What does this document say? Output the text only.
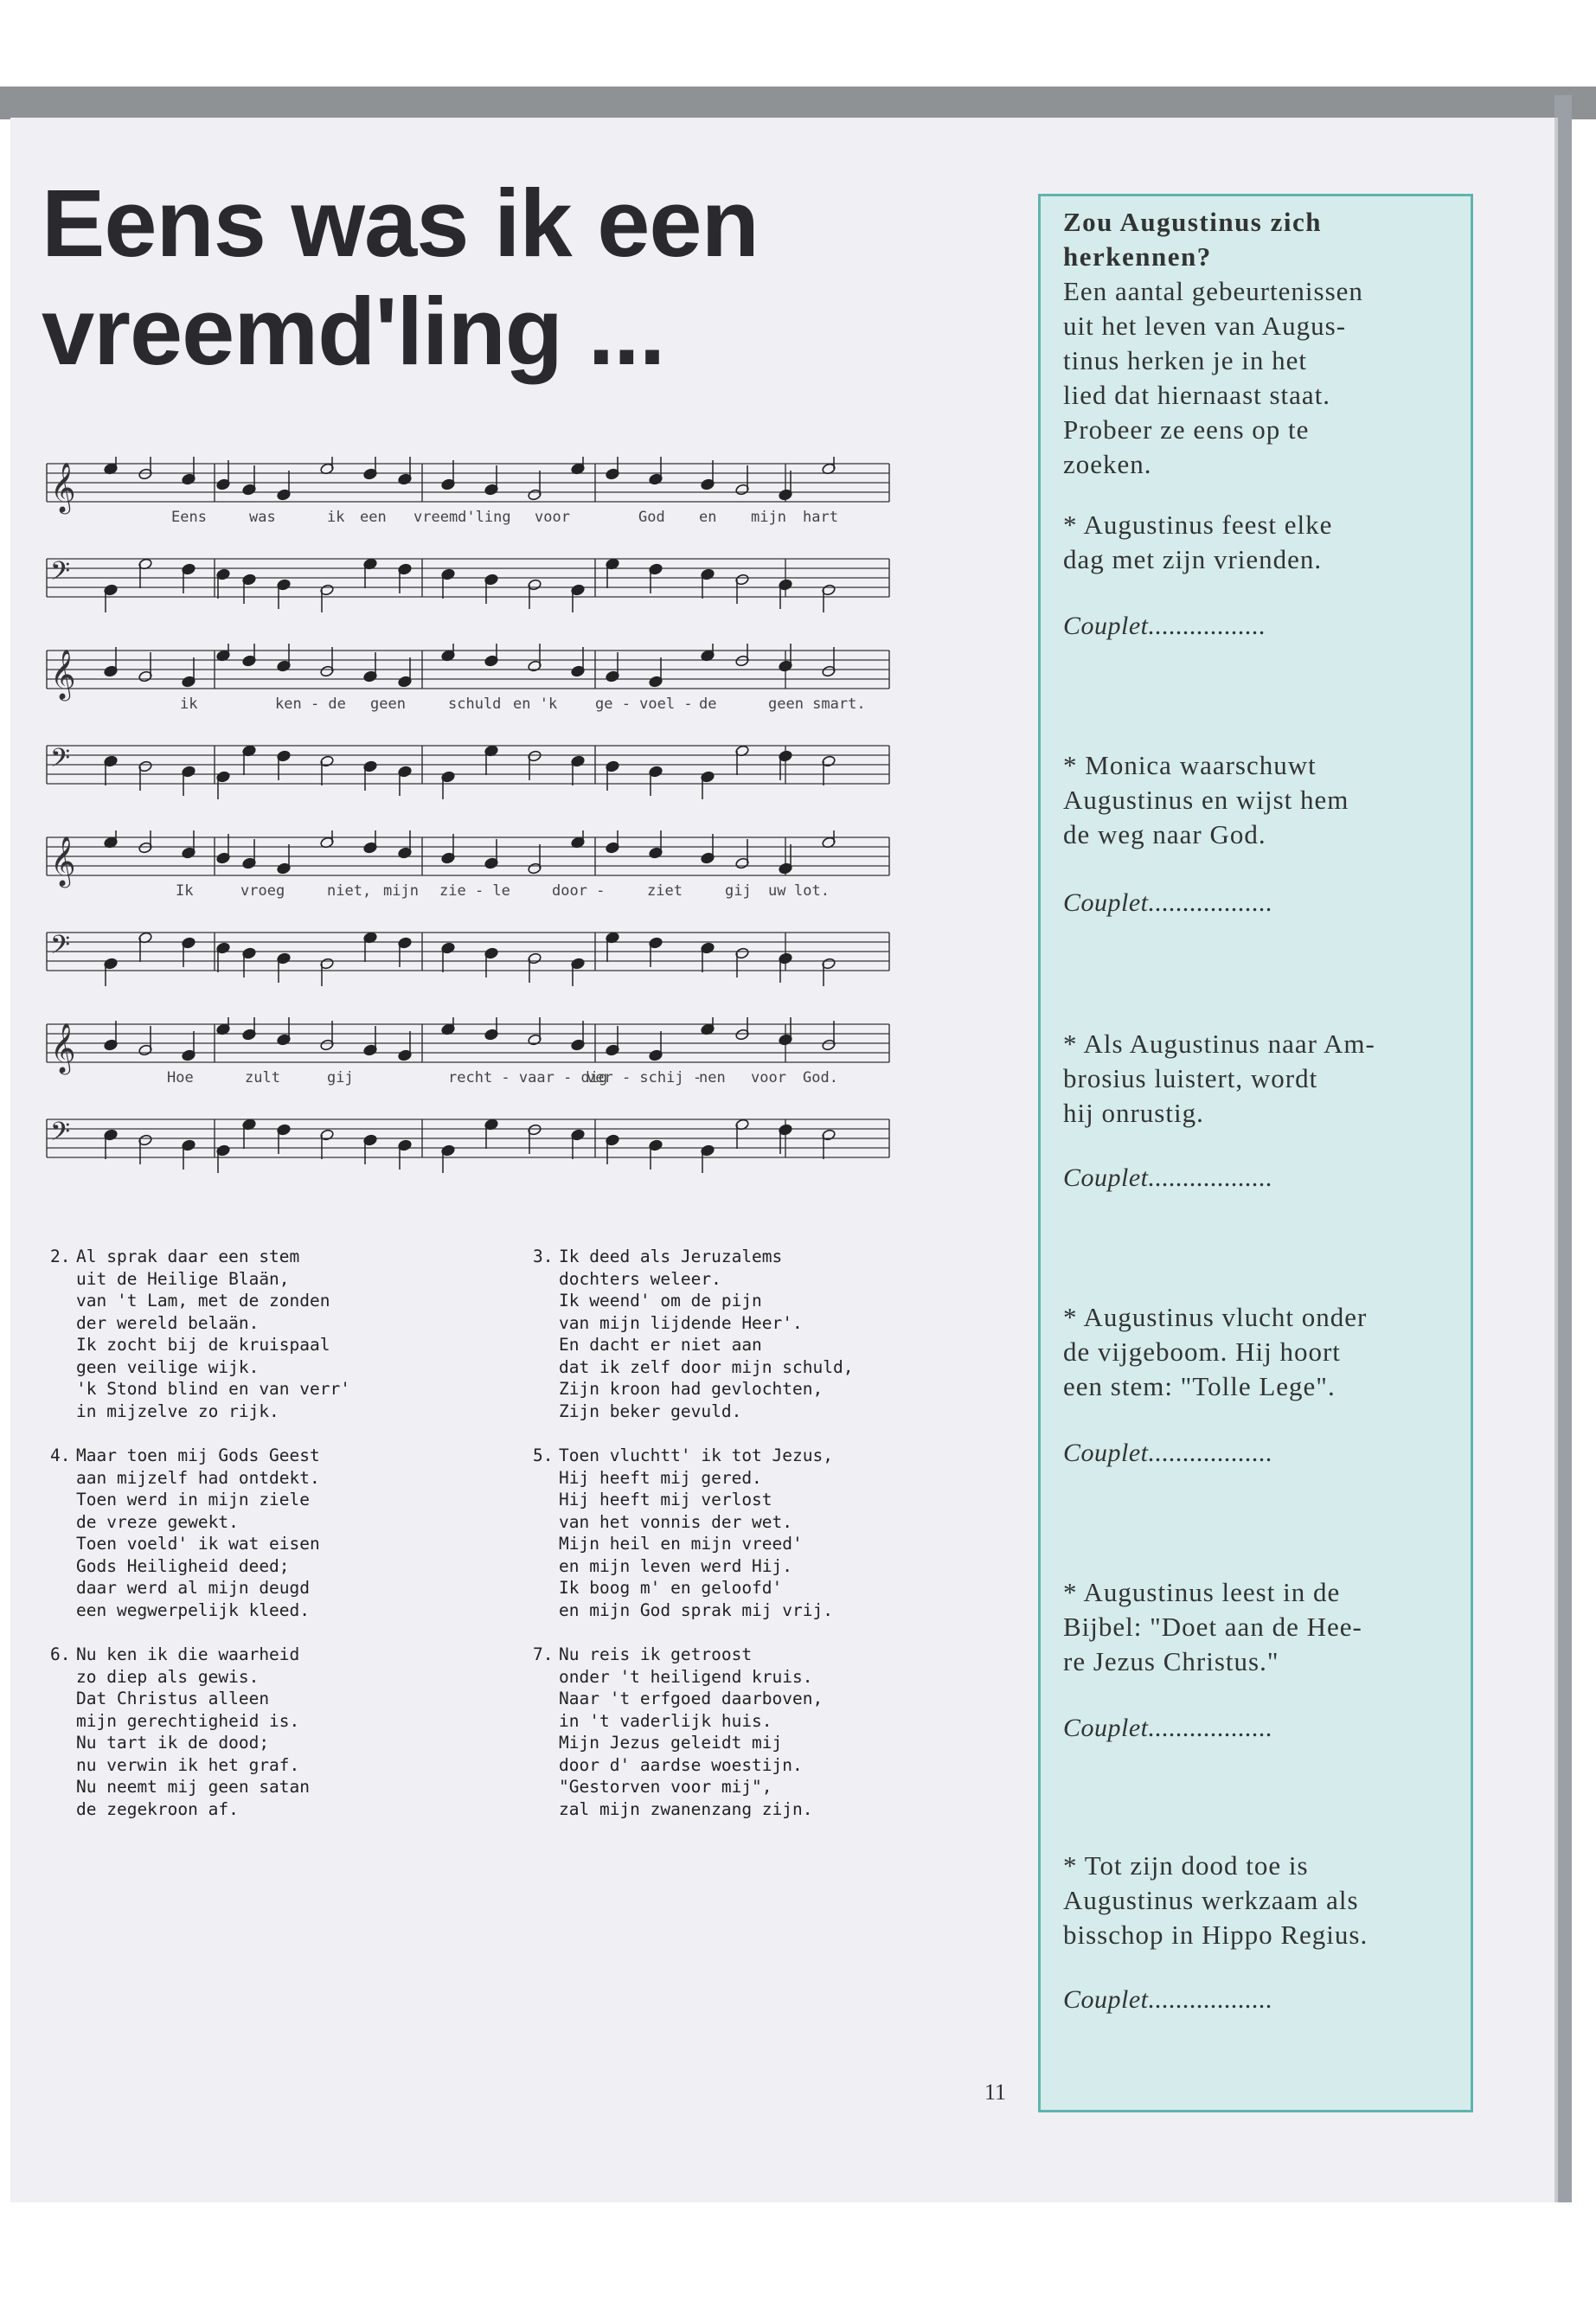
Eens was ik een
vreemd'ling ...
𝄞
𝄢
Eens	was	ik een vreemd'ling voor	God en mijn hart
𝄞
𝄢
ik	ken - de geen	schuld en 'k	ge - voel - de	geen smart.
𝄞
𝄢
Ik	vroeg	niet, mijn zie - le	door -	ziet	gij uw lot.
𝄞
𝄢
Hoe	zult	gij	recht - vaar - dig
ver - schij -
nen voor God.
2. Al sprak daar een stem
uit de Heilige Blaän,
van 't Lam, met de zonden
der wereld belaän.
Ik zocht bij de kruispaal
geen veilige wijk.
'k Stond blind en van verr'
in mijzelve zo rijk.
4. Maar toen mij Gods Geest
aan mijzelf had ontdekt.
Toen werd in mijn ziele
de vreze gewekt.
Toen voeld' ik wat eisen
Gods Heiligheid deed;
daar werd al mijn deugd
een wegwerpelijk kleed.
6. Nu ken ik die waarheid
zo diep als gewis.
Dat Christus alleen
mijn gerechtigheid is.
Nu tart ik de dood;
nu verwin ik het graf.
Nu neemt mij geen satan
de zegekroon af.
3. Ik deed als Jeruzalems
dochters weleer.
Ik weend' om de pijn
van mijn lijdende Heer'.
En dacht er niet aan
dat ik zelf door mijn schuld,
Zijn kroon had gevlochten,
Zijn beker gevuld.
5. Toen vluchtt' ik tot Jezus,
Hij heeft mij gered.
Hij heeft mij verlost
van het vonnis der wet.
Mijn heil en mijn vreed'
en mijn leven werd Hij.
Ik boog m' en geloofd'
en mijn God sprak mij vrij.
7. Nu reis ik getroost
onder 't heiligend kruis.
Naar 't erfgoed daarboven,
in 't vaderlijk huis.
Mijn Jezus geleidt mij
door d' aardse woestijn.
"Gestorven voor mij",
zal mijn zwanenzang zijn.
11
Zou Augustinus zich
herkennen?
Een aantal gebeurtenissen
uit het leven van Augus-
tinus herken je in het
lied dat hiernaast staat.
Probeer ze eens op te
zoeken.
* Augustinus feest elke
dag met zijn vrienden.
Couplet.................
* Monica waarschuwt
Augustinus en wijst hem
de weg naar God.
Couplet..................
* Als Augustinus naar Am-
brosius luistert, wordt
hij onrustig.
Couplet..................
* Augustinus vlucht onder
de vijgeboom. Hij hoort
een stem: "Tolle Lege".
Couplet..................
* Augustinus leest in de
Bijbel: "Doet aan de Hee-
re Jezus Christus."
Couplet..................
* Tot zijn dood toe is
Augustinus werkzaam als
bisschop in Hippo Regius.
Couplet..................
